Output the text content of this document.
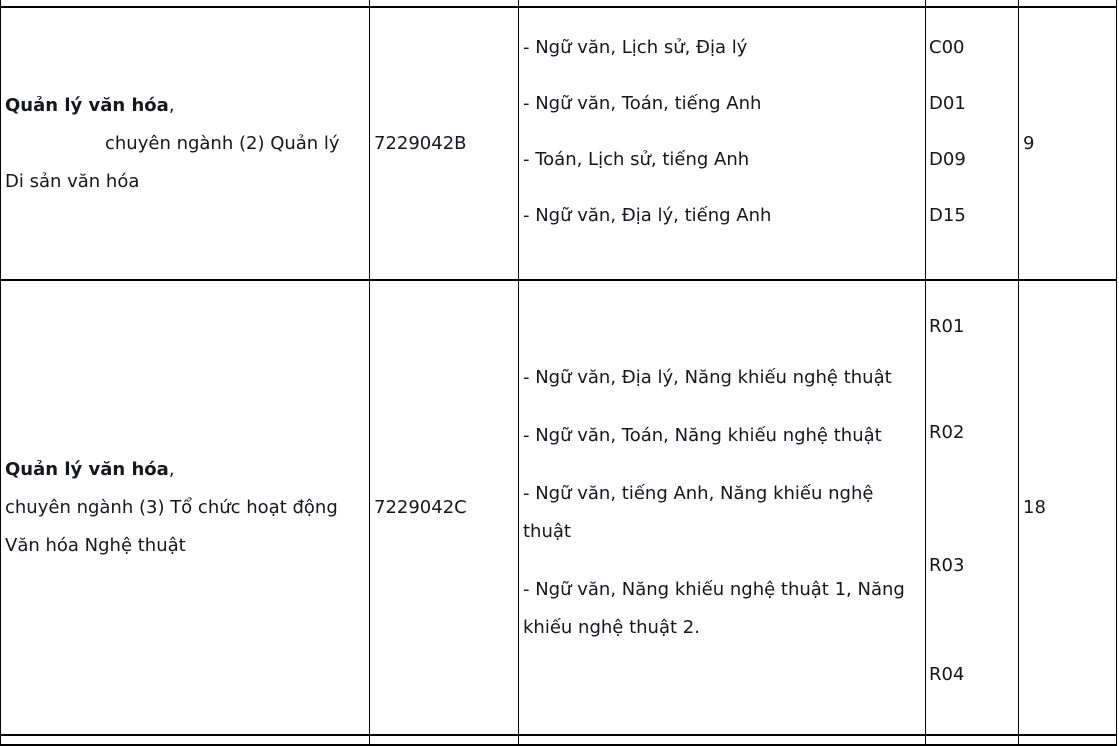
Quản lý văn hóa,
chuyên ngành (2) Quản lý
Di sản văn hóa
7229042B
- Ngữ văn, Lịch sử, Địa lý
- Ngữ văn, Toán, tiếng Anh
- Toán, Lịch sử, tiếng Anh
- Ngữ văn, Địa lý, tiếng Anh
C00
D01
D09
D15
9
Quản lý văn hóa,
chuyên ngành (3) Tổ chức hoạt động
Văn hóa Nghệ thuật
7229042C
- Ngữ văn, Địa lý, Năng khiếu nghệ thuật
- Ngữ văn, Toán, Năng khiếu nghệ thuật
- Ngữ văn, tiếng Anh, Năng khiếu nghệ
thuật
- Ngữ văn, Năng khiếu nghệ thuật 1, Năng
khiếu nghệ thuật 2.
R01
R02
R03
R04
18
